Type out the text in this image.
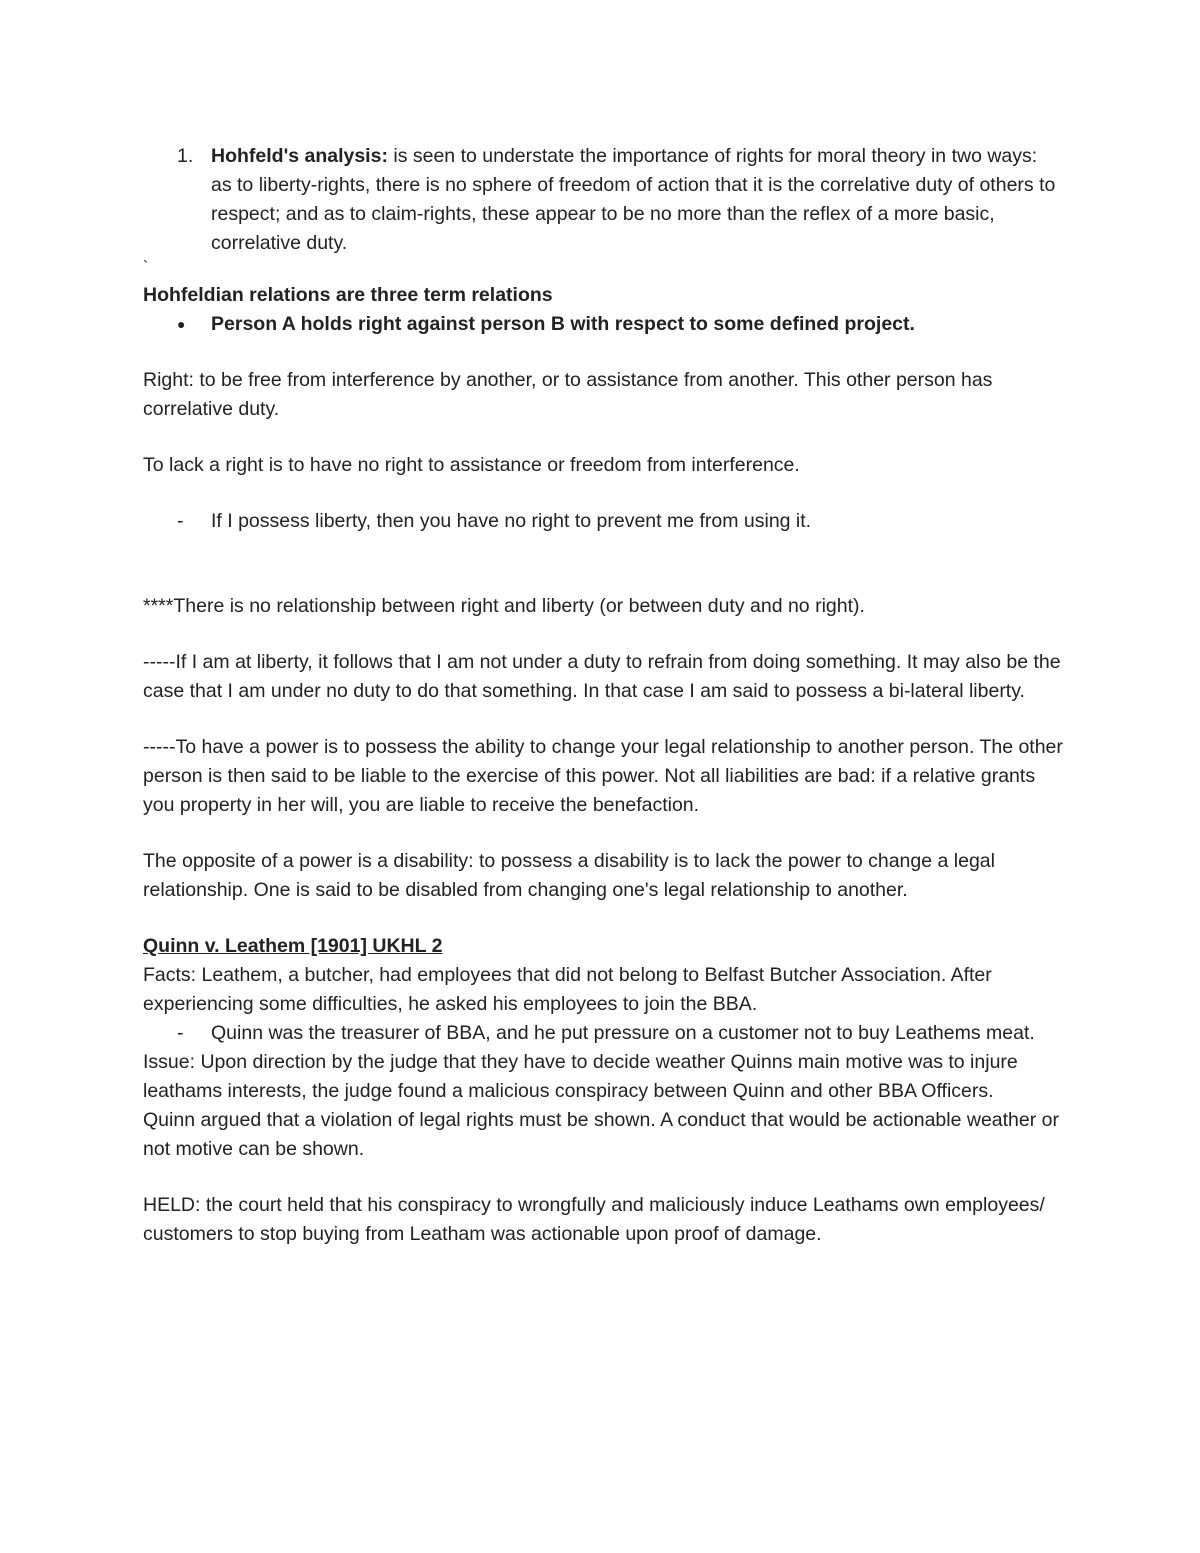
1. Hohfeld's analysis: is seen to understate the importance of rights for moral theory in two ways: as to liberty-rights, there is no sphere of freedom of action that it is the correlative duty of others to respect; and as to claim-rights, these appear to be no more than the reflex of a more basic, correlative duty.
`

Hohfeldian relations are three term relations

●	Person A holds right against person B with respect to some defined project.

Right: to be free from interference by another, or to assistance from another. This other person has correlative duty.

To lack a right is to have no right to assistance or freedom from interference.

-	If I possess liberty, then you have no right to prevent me from using it.

****There is no relationship between right and liberty (or between duty and no right).

-----If I am at liberty, it follows that I am not under a duty to refrain from doing something. It may also be the case that I am under no duty to do that something. In that case I am said to possess a bi-lateral liberty.

-----To have a power is to possess the ability to change your legal relationship to another person. The other person is then said to be liable to the exercise of this power. Not all liabilities are bad: if a relative grants you property in her will, you are liable to receive the benefaction.

The opposite of a power is a disability: to possess a disability is to lack the power to change a legal relationship. One is said to be disabled from changing one's legal relationship to another.

Quinn v. Leathem [1901] UKHL 2

Facts: Leathem, a butcher, had employees that did not belong to Belfast Butcher Association. After experiencing some difficulties, he asked his employees to join the BBA.

-	Quinn was the treasurer of BBA, and he put pressure on a customer not to buy Leathems meat.

Issue: Upon direction by the judge that they have to decide weather Quinns main motive was to injure leathams interests, the judge found a malicious conspiracy between Quinn and other BBA Officers.

Quinn argued that a violation of legal rights must be shown. A conduct that would be actionable weather or not motive can be shown.

HELD: the court held that his conspiracy to wrongfully and maliciously induce Leathams own employees/ customers to stop buying from Leatham was actionable upon proof of damage.
